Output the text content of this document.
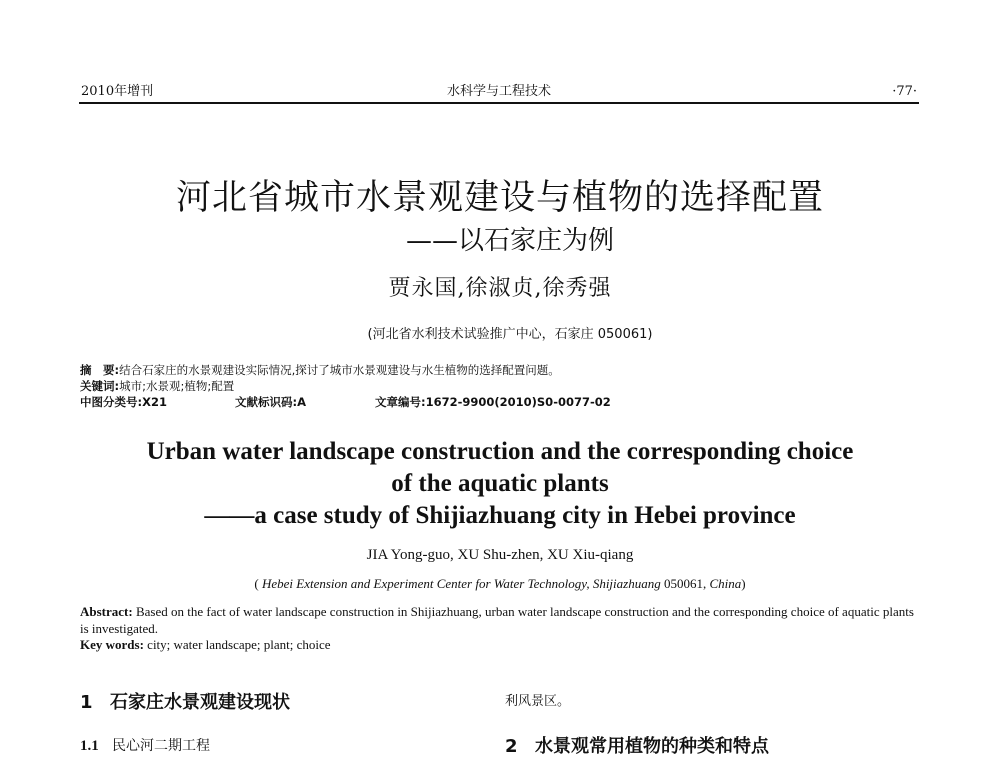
2010年增刊	水科学与工程技术	·77·
河北省城市水景观建设与植物的选择配置
——以石家庄为例
贾永国,徐淑贞,徐秀强
(河北省水利技术试验推广中心，石家庄 050061)
摘　要:结合石家庄的水景观建设实际情况,探讨了城市水景观建设与水生植物的选择配置问题。
关键词:城市;水景观;植物;配置
中图分类号:X21	文献标识码:A	文章编号:1672-9900(2010)S0-0077-02
Urban water landscape construction and the corresponding choice
of the aquatic plants
——a case study of Shijiazhuang city in Hebei province
JIA Yong-guo, XU Shu-zhen, XU Xiu-qiang
( Hebei Extension and Experiment Center for Water Technology, Shijiazhuang 050061, China)
Abstract: Based on the fact of water landscape construction in Shijiazhuang, urban water landscape construction and the corresponding choice of aquatic plants is investigated.
Key words: city; water landscape; plant; choice
1 石家庄水景观建设现状
1.1 民心河二期工程
利风景区。
2 水景观常用植物的种类和特点
